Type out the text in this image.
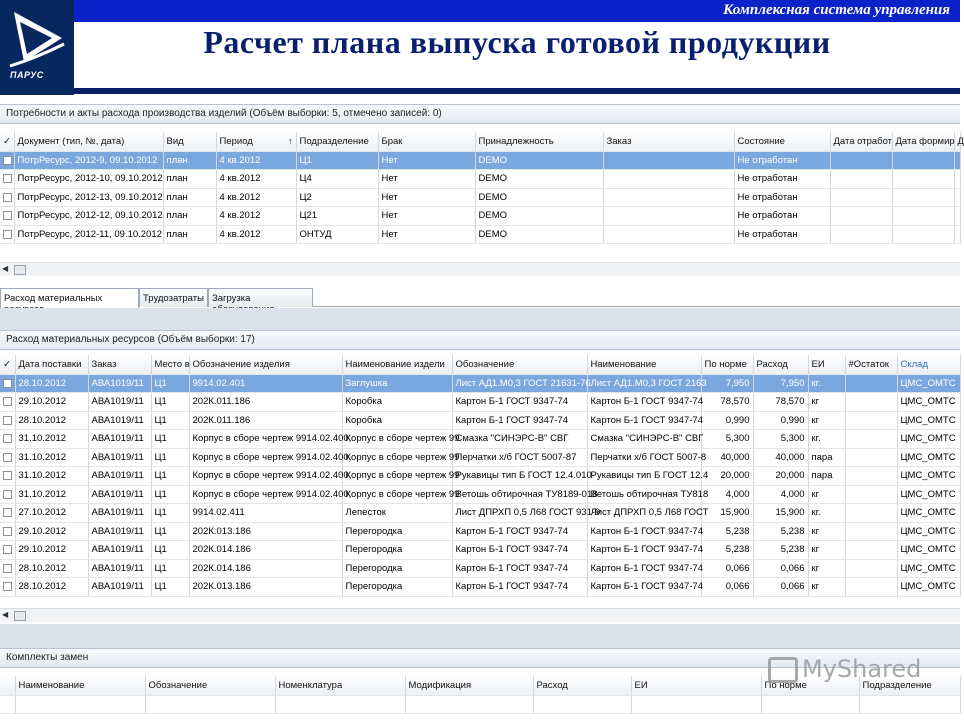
ПАРУС
Комплексная система управления
Расчет плана выпуска готовой продукции
Потребности и акты расхода производства изделий (Объём выборки: 5, отмечено записей: 0)
✓	Документ (тип, №, дата)	Вид	Период ↑	Подразделение	Брак	Принадлежность	Заказ	Состояние	Дата отработ	Дата формир	Д
	ПотрРесурс, 2012-9, 09.10.2012	план	4 кв.2012	Ц1	Нет	DEMO		Не отработан			
	ПотрРесурс, 2012-10, 09.10.2012	план	4 кв.2012	Ц4	Нет	DEMO		Не отработан			
	ПотрРесурс, 2012-13, 09.10.2012	план	4 кв.2012	Ц2	Нет	DEMO		Не отработан			
	ПотрРесурс, 2012-12, 09.10.2012	план	4 кв.2012	Ц21	Нет	DEMO		Не отработан			
	ПотрРесурс, 2012-11, 09.10.2012	план	4 кв.2012	ОНТУД	Нет	DEMO		Не отработан			
◀
Расход материальных	Трудозатраты Загрузка
Расход материальных ресурсов (Объём выборки: 17)
✓	Дата поставки	Заказ	Место в	Обозначение изделия	Наименование издели	Обозначение	Наименование	По норме	Расход	ЕИ	#Остаток	Склад
	28.10.2012	АВА1019/11	Ц1	9914.02.401	Заглушка	Лист АД1.М0,3 ГОСТ 21631-76	Лист АД1.М0,3 ГОСТ 2163	7,950	7,950	кг.		ЦМС_ОМТС
	29.10.2012	АВА1019/11	Ц1	202К.011.186	Коробка	Картон Б-1 ГОСТ 9347-74	Картон Б-1 ГОСТ 9347-74	78,570	78,570	кг		ЦМС_ОМТС
	28.10.2012	АВА1019/11	Ц1	202К.011.186	Коробка	Картон Б-1 ГОСТ 9347-74	Картон Б-1 ГОСТ 9347-74	0,990	0,990	кг		ЦМС_ОМТС
	31.10.2012	АВА1019/11	Ц1	Корпус в сборе чертеж 9914.02.400,	Корпус в сборе чертеж 99	Смазка "СИНЭРС-В" СВГ	Смазка "СИНЭРС-В" СВГ	5,300	5,300	кг.		ЦМС_ОМТС
	31.10.2012	АВА1019/11	Ц1	Корпус в сборе чертеж 9914.02.400,	Корпус в сборе чертеж 99	Перчатки х/б ГОСТ 5007-87	Перчатки х/б ГОСТ 5007-8	40,000	40,000	пара		ЦМС_ОМТС
	31.10.2012	АВА1019/11	Ц1	Корпус в сборе чертеж 9914.02.400,	Корпус в сборе чертеж 99	Рукавицы тип Б ГОСТ 12.4.010-	Рукавицы тип Б ГОСТ 12.4	20,000	20,000	пара		ЦМС_ОМТС
	31.10.2012	АВА1019/11	Ц1	Корпус в сборе чертеж 9914.02.400,	Корпус в сборе чертеж 99	Ветошь обтирочная ТУ8189-018	Ветошь обтирочная ТУ818	4,000	4,000	кг		ЦМС_ОМТС
	27.10.2012	АВА1019/11	Ц1	9914.02.411	Лепесток	Лист ДПРХП 0,5 Л68 ГОСТ 931-9	Лист ДПРХП 0,5 Л68 ГОСТ	15,900	15,900	кг.		ЦМС_ОМТС
	29.10.2012	АВА1019/11	Ц1	202К.013.186	Перегородка	Картон Б-1 ГОСТ 9347-74	Картон Б-1 ГОСТ 9347-74	5,238	5,238	кг		ЦМС_ОМТС
	29.10.2012	АВА1019/11	Ц1	202К.014.186	Перегородка	Картон Б-1 ГОСТ 9347-74	Картон Б-1 ГОСТ 9347-74	5,238	5,238	кг		ЦМС_ОМТС
	28.10.2012	АВА1019/11	Ц1	202К.014.186	Перегородка	Картон Б-1 ГОСТ 9347-74	Картон Б-1 ГОСТ 9347-74	0,066	0,066	кг		ЦМС_ОМТС
	28.10.2012	АВА1019/11	Ц1	202К.013.186	Перегородка	Картон Б-1 ГОСТ 9347-74	Картон Б-1 ГОСТ 9347-74	0,066	0,066	кг		ЦМС_ОМТС
◀
Комплекты замен
	Наименование	Обозначение	Номенклатура	Модификация	Расход	ЕИ	По норме	Подразделение

MyShared
